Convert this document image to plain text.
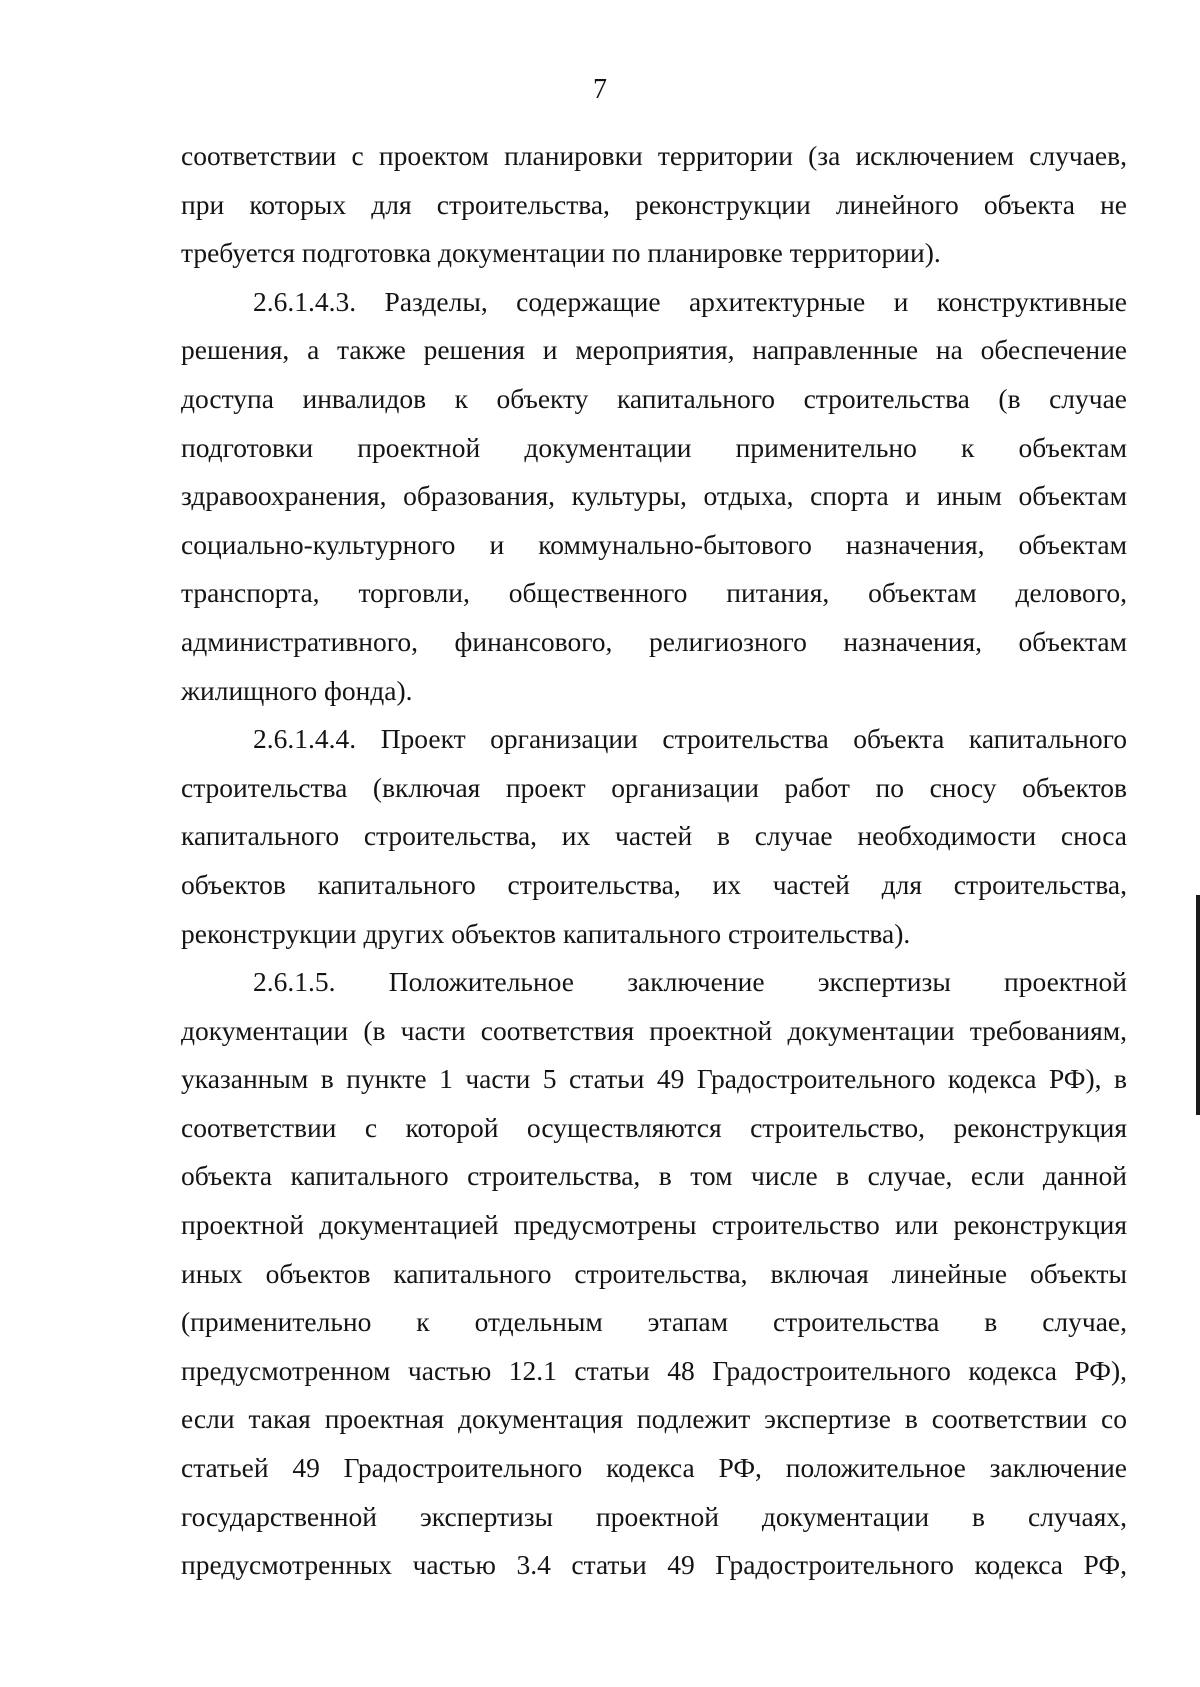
7
соответствии с проектом планировки территории (за исключением случаев,
при которых для строительства, реконструкции линейного объекта не
требуется подготовка документации по планировке территории).
2.6.1.4.3. Разделы, содержащие архитектурные и конструктивные
решения, а также решения и мероприятия, направленные на обеспечение
доступа инвалидов к объекту капитального строительства (в случае
подготовки проектной документации применительно к объектам
здравоохранения, образования, культуры, отдыха, спорта и иным объектам
социально-культурного и коммунально-бытового назначения, объектам
транспорта, торговли, общественного питания, объектам делового,
административного, финансового, религиозного назначения, объектам
жилищного фонда).
2.6.1.4.4. Проект организации строительства объекта капитального
строительства (включая проект организации работ по сносу объектов
капитального строительства, их частей в случае необходимости сноса
объектов капитального строительства, их частей для строительства,
реконструкции других объектов капитального строительства).
2.6.1.5. Положительное заключение экспертизы проектной
документации (в части соответствия проектной документации требованиям,
указанным в пункте 1 части 5 статьи 49 Градостроительного кодекса РФ), в
соответствии с которой осуществляются строительство, реконструкция
объекта капитального строительства, в том числе в случае, если данной
проектной документацией предусмотрены строительство или реконструкция
иных объектов капитального строительства, включая линейные объекты
(применительно к отдельным этапам строительства в случае,
предусмотренном частью 12.1 статьи 48 Градостроительного кодекса РФ),
если такая проектная документация подлежит экспертизе в соответствии со
статьей 49 Градостроительного кодекса РФ, положительное заключение
государственной экспертизы проектной документации в случаях,
предусмотренных частью 3.4 статьи 49 Градостроительного кодекса РФ,
